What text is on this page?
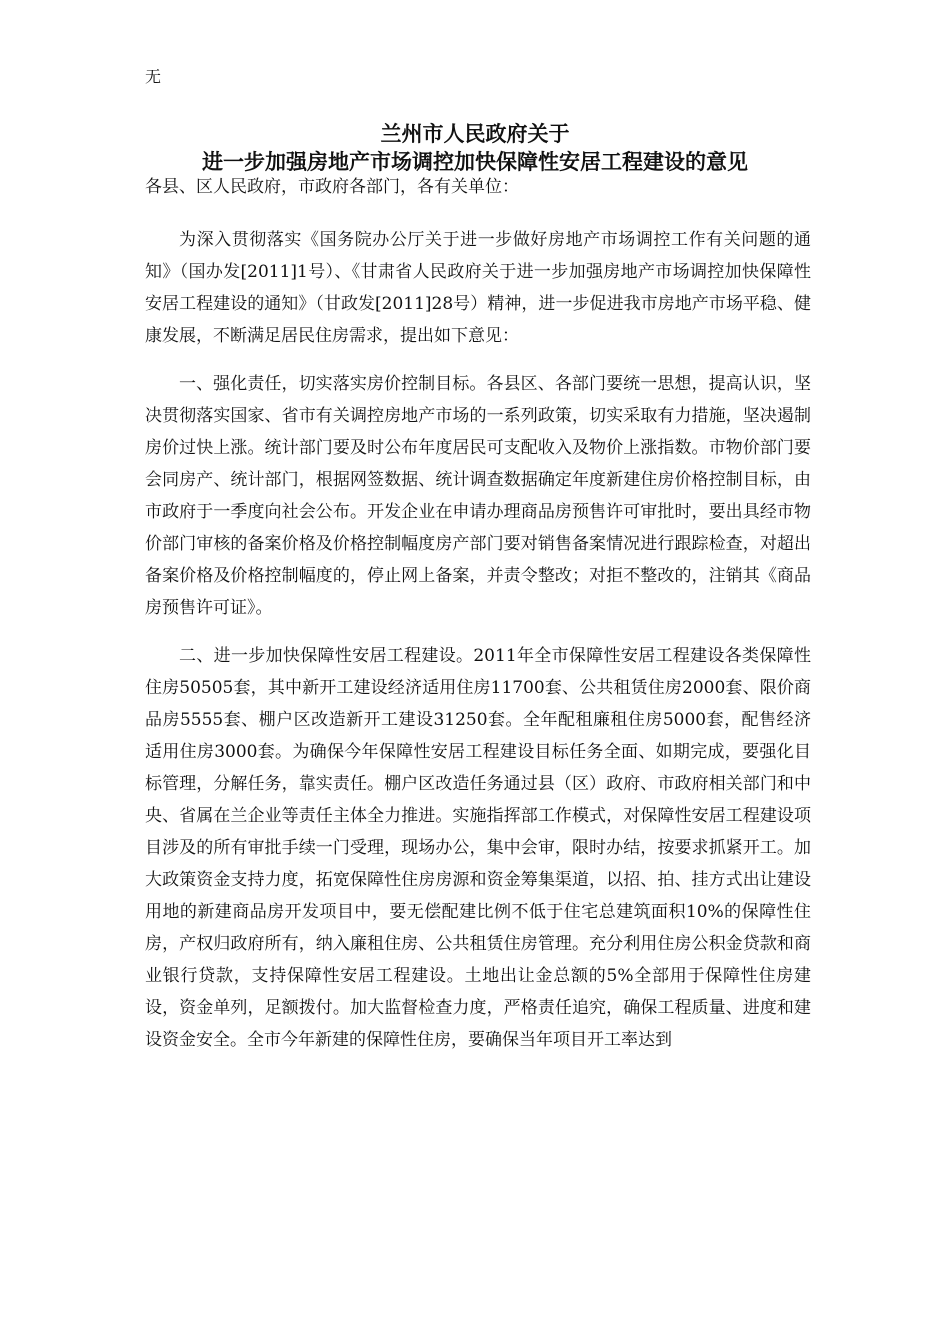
无
兰州市人民政府关于
进一步加强房地产市场调控加快保障性安居工程建设的意见
各县、区人民政府，市政府各部门，各有关单位：

为深入贯彻落实《国务院办公厅关于进一步做好房地产市场调控工作有关问题的通知》（国办发[2011]1号）、《甘肃省人民政府关于进一步加强房地产市场调控加快保障性安居工程建设的通知》（甘政发[2011]28号）精神，进一步促进我市房地产市场平稳、健康发展，不断满足居民住房需求，提出如下意见：

一、强化责任，切实落实房价控制目标。各县区、各部门要统一思想，提高认识，坚决贯彻落实国家、省市有关调控房地产市场的一系列政策，切实采取有力措施，坚决遏制房价过快上涨。统计部门要及时公布年度居民可支配收入及物价上涨指数。市物价部门要会同房产、统计部门，根据网签数据、统计调查数据确定年度新建住房价格控制目标，由市政府于一季度向社会公布。开发企业在申请办理商品房预售许可审批时，要出具经市物价部门审核的备案价格及价格控制幅度房产部门要对销售备案情况进行跟踪检查，对超出备案价格及价格控制幅度的，停止网上备案，并责令整改；对拒不整改的，注销其《商品房预售许可证》。

二、进一步加快保障性安居工程建设。2011年全市保障性安居工程建设各类保障性住房50505套，其中新开工建设经济适用住房11700套、公共租赁住房2000套、限价商品房5555套、棚户区改造新开工建设31250套。全年配租廉租住房5000套，配售经济适用住房3000套。为确保今年保障性安居工程建设目标任务全面、如期完成，要强化目标管理，分解任务，靠实责任。棚户区改造任务通过县（区）政府、市政府相关部门和中央、省属在兰企业等责任主体全力推进。实施指挥部工作模式，对保障性安居工程建设项目涉及的所有审批手续一门受理，现场办公，集中会审，限时办结，按要求抓紧开工。加大政策资金支持力度，拓宽保障性住房房源和资金筹集渠道，以招、拍、挂方式出让建设用地的新建商品房开发项目中，要无偿配建比例不低于住宅总建筑面积10%的保障性住房，产权归政府所有，纳入廉租住房、公共租赁住房管理。充分利用住房公积金贷款和商业银行贷款，支持保障性安居工程建设。土地出让金总额的5%全部用于保障性住房建设，资金单列，足额拨付。加大监督检查力度，严格责任追究，确保工程质量、进度和建设资金安全。全市今年新建的保障性住房，要确保当年项目开工率达到
